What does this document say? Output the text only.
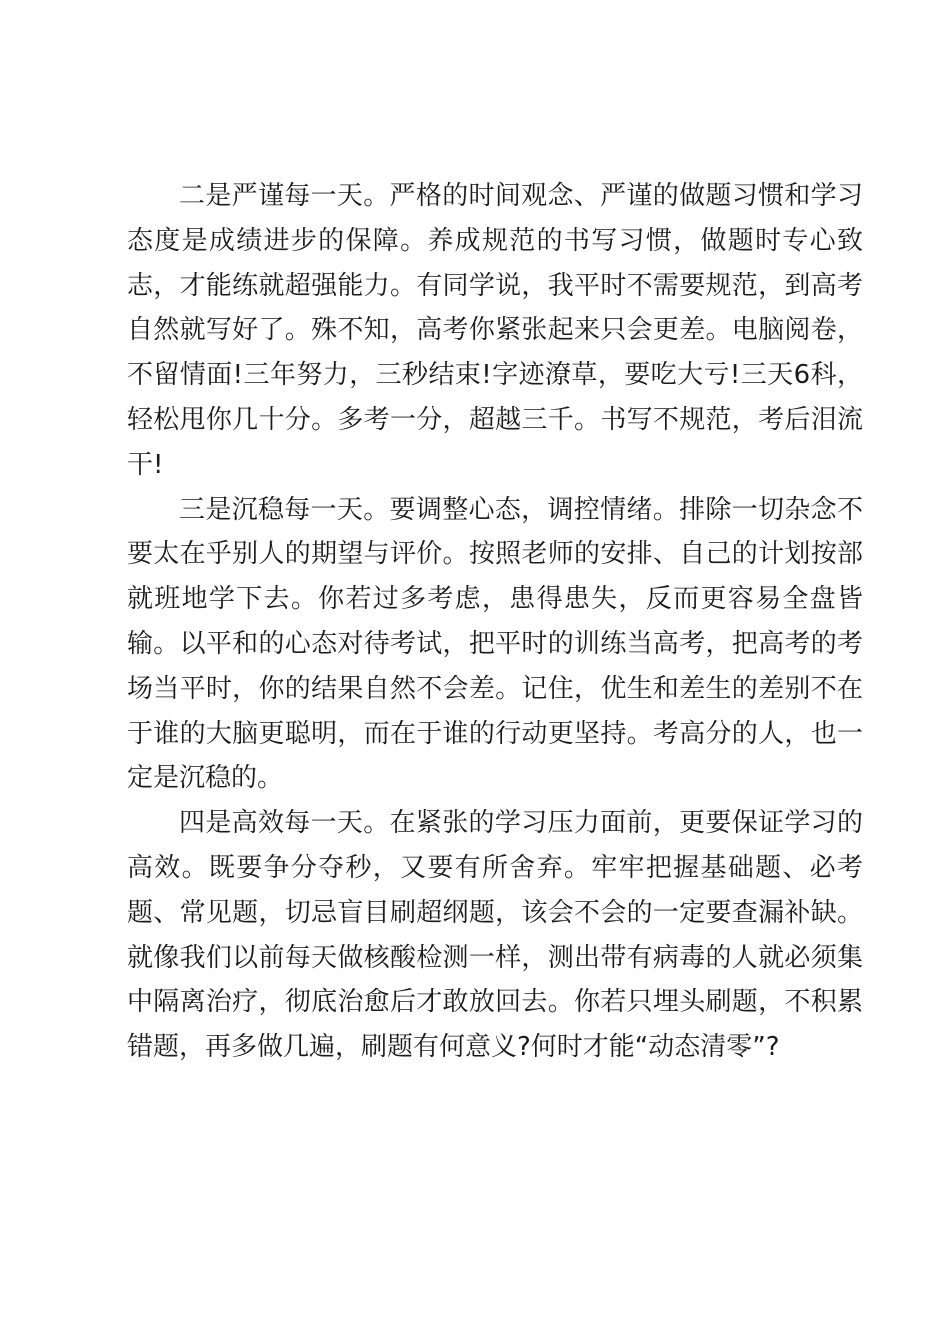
二是严谨每一天。严格的时间观念、严谨的做题习惯和学习态度是成绩进步的保障。养成规范的书写习惯，做题时专心致志，才能练就超强能力。有同学说，我平时不需要规范，到高考自然就写好了。殊不知，高考你紧张起来只会更差。电脑阅卷，不留情面!三年努力，三秒结束!字迹潦草，要吃大亏!三天6科，轻松甩你几十分。多考一分，超越三千。书写不规范，考后泪流干!

三是沉稳每一天。要调整心态，调控情绪。排除一切杂念不要太在乎别人的期望与评价。按照老师的安排、自己的计划按部就班地学下去。你若过多考虑，患得患失，反而更容易全盘皆输。以平和的心态对待考试，把平时的训练当高考，把高考的考场当平时，你的结果自然不会差。记住，优生和差生的差别不在于谁的大脑更聪明，而在于谁的行动更坚持。考高分的人，也一定是沉稳的。

四是高效每一天。在紧张的学习压力面前，更要保证学习的高效。既要争分夺秒，又要有所舍弃。牢牢把握基础题、必考题、常见题，切忌盲目刷超纲题，该会不会的一定要查漏补缺。就像我们以前每天做核酸检测一样，测出带有病毒的人就必须集中隔离治疗，彻底治愈后才敢放回去。你若只埋头刷题，不积累错题，再多做几遍，刷题有何意义?何时才能“动态清零”?
